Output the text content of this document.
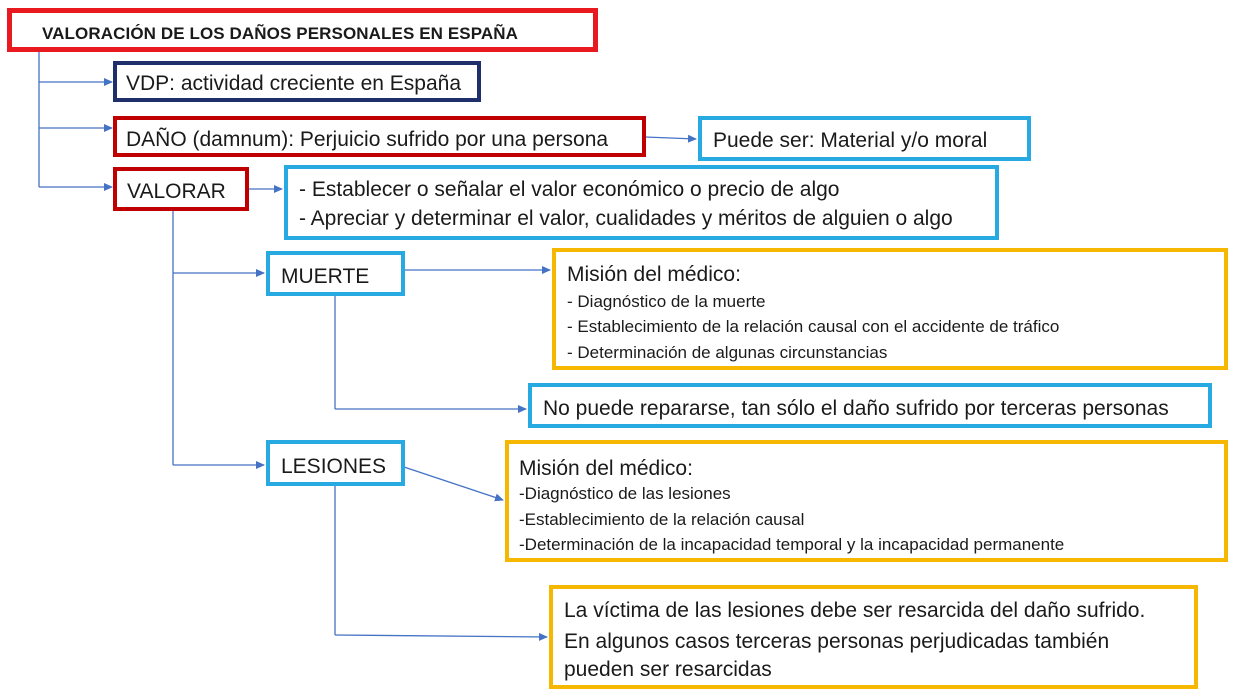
VALORACIÓN DE LOS DAÑOS PERSONALES EN ESPAÑA
VDP: actividad creciente en España
DAÑO (damnum): Perjuicio sufrido por una persona	Puede ser: Material y/o moral
VALORAR	- Establecer o señalar el valor económico o precio de algo
- Apreciar y determinar el valor, cualidades y méritos de alguien o algo
MUERTE	Misión del médico:
- Diagnóstico de la muerte
- Establecimiento de la relación causal con el accidente de tráfico
- Determinación de algunas circunstancias
No puede repararse, tan sólo el daño sufrido por terceras personas
LESIONES	Misión del médico:
-Diagnóstico de las lesiones
-Establecimiento de la relación causal
-Determinación de la incapacidad temporal y la incapacidad permanente
La víctima de las lesiones debe ser resarcida del daño sufrido.
En algunos casos terceras personas perjudicadas también
pueden ser resarcidas
